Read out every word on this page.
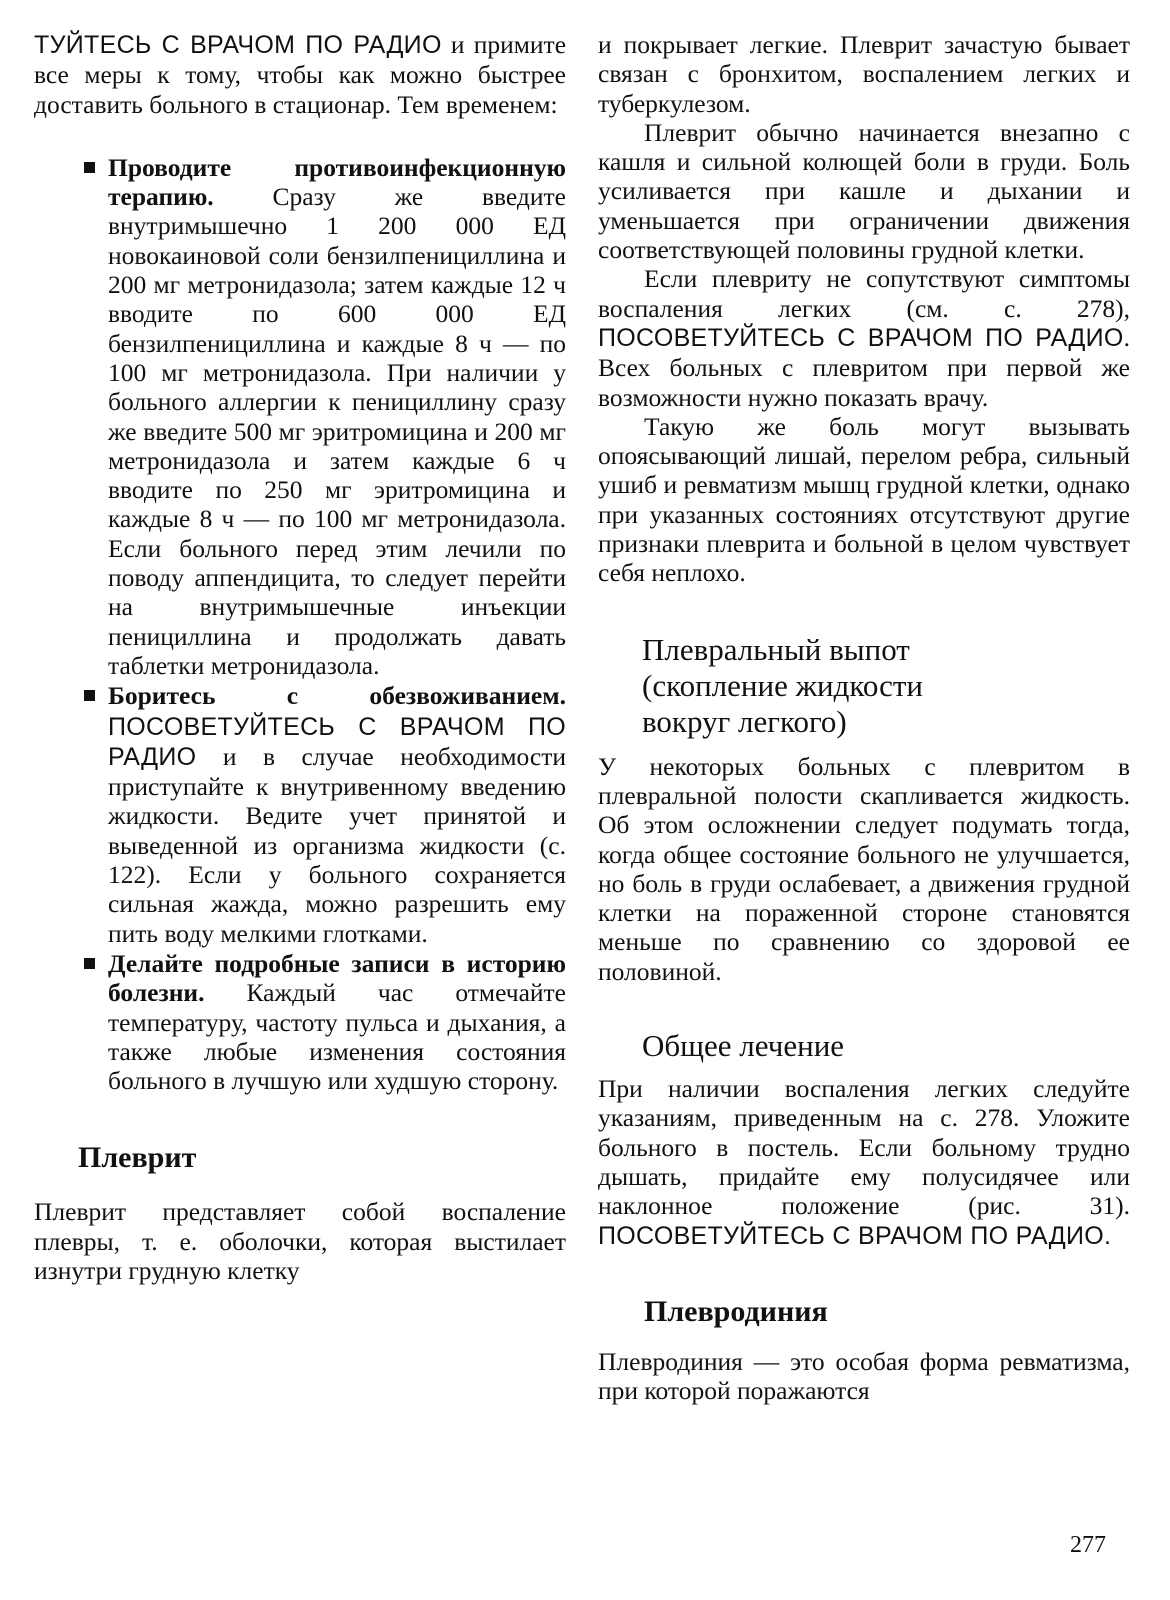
ТУЙТЕСЬ С ВРАЧОМ ПО РАДИО и примите все меры к тому, чтобы как можно быстрее доставить больного в стационар. Тем временем:

Проводите противоинфекционную терапию. Сразу же введите внутримышечно 1 200 000 ЕД новокаиновой соли бензилпенициллина и 200 мг метронидазола; затем каждые 12 ч вводите по 600 000 ЕД бензилпенициллина и каждые 8 ч — по 100 мг метронидазола. При наличии у больного аллергии к пенициллину сразу же введите 500 мг эритромицина и 200 мг метронидазола и затем каждые 6 ч вводите по 250 мг эритромицина и каждые 8 ч — по 100 мг метронидазола. Если больного перед этим лечили по поводу аппендицита, то следует перейти на внутримышечные инъекции пенициллина и продолжать давать таблетки метронидазола.
Боритесь с обезвоживанием. ПОСОВЕТУЙТЕСЬ С ВРАЧОМ ПО РАДИО и в случае необходимости приступайте к внутривенному введению жидкости. Ведите учет принятой и выведенной из организма жидкости (с. 122). Если у больного сохраняется сильная жажда, можно разрешить ему пить воду мелкими глотками.
Делайте подробные записи в историю болезни. Каждый час отмечайте температуру, частоту пульса и дыхания, а также любые изменения состояния больного в лучшую или худшую сторону.
Плеврит

Плеврит представляет собой воспаление плевры, т. е. оболочки, которая выстилает изнутри грудную клетку

и покрывает легкие. Плеврит зачастую бывает связан с бронхитом, воспалением легких и туберкулезом.

Плеврит обычно начинается внезапно с кашля и сильной колющей боли в груди. Боль усиливается при кашле и дыхании и уменьшается при ограничении движения соответствующей половины грудной клетки.

Если плевриту не сопутствуют симптомы воспаления легких (см. с. 278), ПОСОВЕТУЙТЕСЬ С ВРАЧОМ ПО РАДИО. Всех больных с плевритом при первой же возможности нужно показать врачу.

Такую же боль могут вызывать опоясывающий лишай, перелом ребра, сильный ушиб и ревматизм мышц грудной клетки, однако при указанных состояниях отсутствуют другие признаки плеврита и больной в целом чувствует себя неплохо.

Плевральный выпот
(скопление жидкости
вокруг легкого)

У некоторых больных с плевритом в плевральной полости скапливается жидкость. Об этом осложнении следует подумать тогда, когда общее состояние больного не улучшается, но боль в груди ослабевает, а движения грудной клетки на пораженной стороне становятся меньше по сравнению со здоровой ее половиной.

Общее лечение

При наличии воспаления легких следуйте указаниям, приведенным на с. 278. Уложите больного в постель. Если больному трудно дышать, придайте ему полусидячее или наклонное положение (рис. 31). ПОСОВЕТУЙТЕСЬ С ВРАЧОМ ПО РАДИО.

Плевродиния

Плевродиния — это особая форма ревматизма, при которой поражаются

277
